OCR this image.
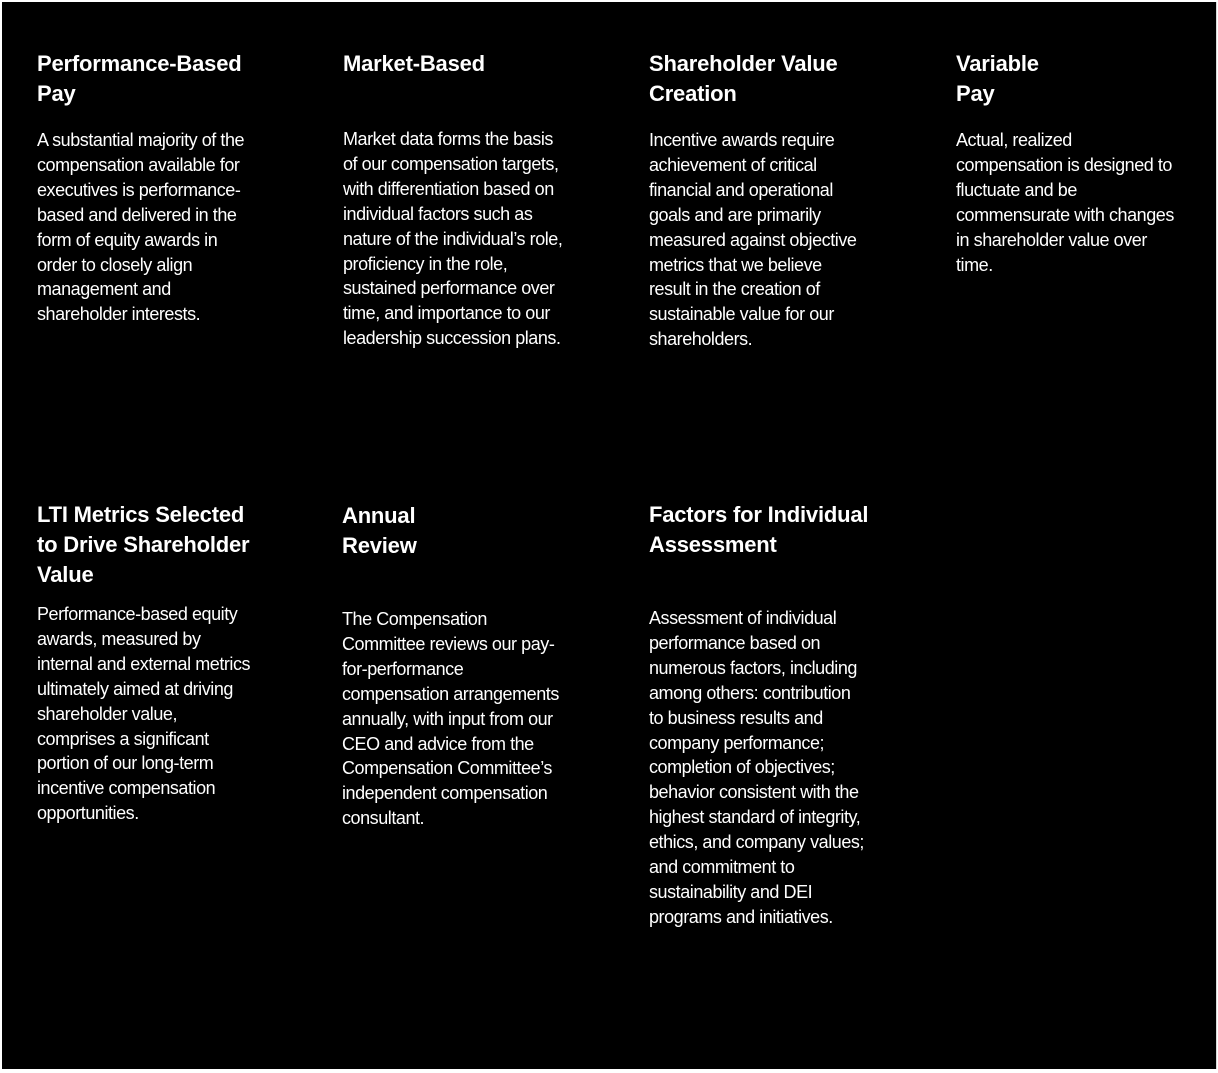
Performance-Based
Pay

A substantial majority of the
compensation available for
executives is performance-
based and delivered in the
form of equity awards in
order to closely align
management and
shareholder interests.

Market-Based

Market data forms the basis
of our compensation targets,
with differentiation based on
individual factors such as
nature of the individual’s role,
proficiency in the role,
sustained performance over
time, and importance to our
leadership succession plans.

Shareholder Value
Creation

Incentive awards require
achievement of critical
financial and operational
goals and are primarily
measured against objective
metrics that we believe
result in the creation of
sustainable value for our
shareholders.

Variable
Pay

Actual, realized
compensation is designed to
fluctuate and be
commensurate with changes
in shareholder value over
time.

LTI Metrics Selected
to Drive Shareholder
Value

Performance-based equity
awards, measured by
internal and external metrics
ultimately aimed at driving
shareholder value,
comprises a significant
portion of our long-term
incentive compensation
opportunities.

Annual
Review

The Compensation
Committee reviews our pay-
for-performance
compensation arrangements
annually, with input from our
CEO and advice from the
Compensation Committee’s
independent compensation
consultant.

Factors for Individual
Assessment

Assessment of individual
performance based on
numerous factors, including
among others: contribution
to business results and
company performance;
completion of objectives;
behavior consistent with the
highest standard of integrity,
ethics, and company values;
and commitment to
sustainability and DEI
programs and initiatives.
